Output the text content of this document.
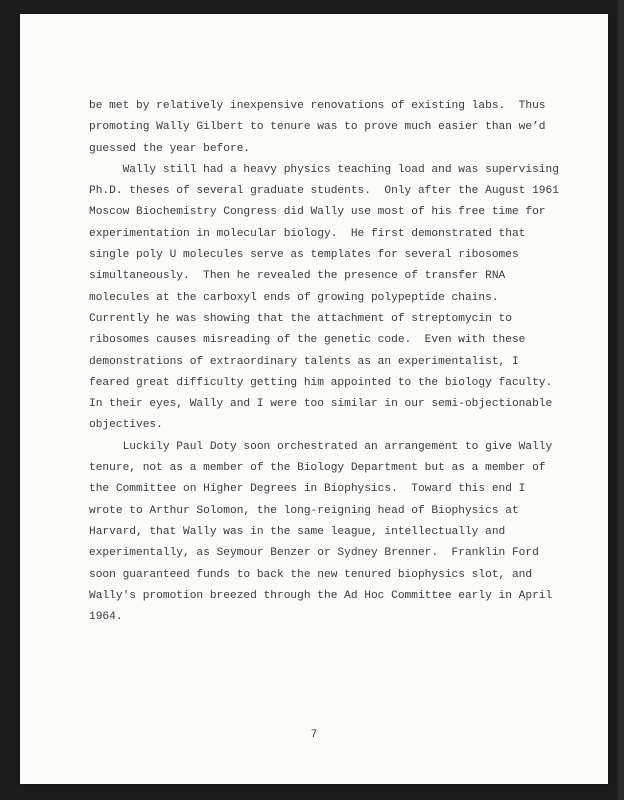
be met by relatively inexpensive renovations of existing labs.  Thus
promoting Wally Gilbert to tenure was to prove much easier than we’d
guessed the year before.
Wally still had a heavy physics teaching load and was supervising
Ph.D. theses of several graduate students.  Only after the August 1961
Moscow Biochemistry Congress did Wally use most of his free time for
experimentation in molecular biology.  He first demonstrated that
single poly U molecules serve as templates for several ribosomes
simultaneously.  Then he revealed the presence of transfer RNA
molecules at the carboxyl ends of growing polypeptide chains.
Currently he was showing that the attachment of streptomycin to
ribosomes causes misreading of the genetic code.  Even with these
demonstrations of extraordinary talents as an experimentalist, I
feared great difficulty getting him appointed to the biology faculty.
In their eyes, Wally and I were too similar in our semi-objectionable
objectives.
Luckily Paul Doty soon orchestrated an arrangement to give Wally
tenure, not as a member of the Biology Department but as a member of
the Committee on Higher Degrees in Biophysics.  Toward this end I
wrote to Arthur Solomon, the long-reigning head of Biophysics at
Harvard, that Wally was in the same league, intellectually and
experimentally, as Seymour Benzer or Sydney Brenner.  Franklin Ford
soon guaranteed funds to back the new tenured biophysics slot, and
Wally's promotion breezed through the Ad Hoc Committee early in April
1964.
7
